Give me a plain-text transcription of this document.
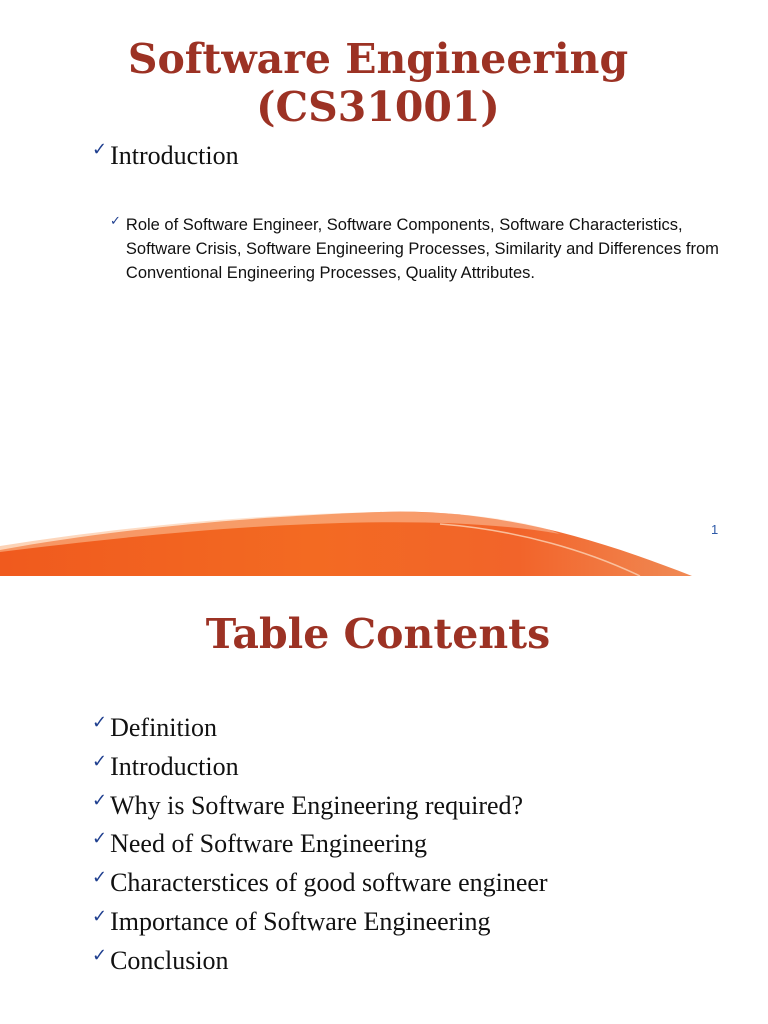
Software Engineering
(CS31001)
✓ Introduction
✓ Role of Software Engineer, Software Components, Software Characteristics, Software Crisis, Software Engineering Processes, Similarity and Differences from Conventional Engineering Processes, Quality Attributes.
1
Table Contents
✓ Definition
✓ Introduction
✓ Why is Software Engineering required?
✓ Need of Software Engineering
✓ Characterstices of good software engineer
✓ Importance of Software Engineering
✓ Conclusion
